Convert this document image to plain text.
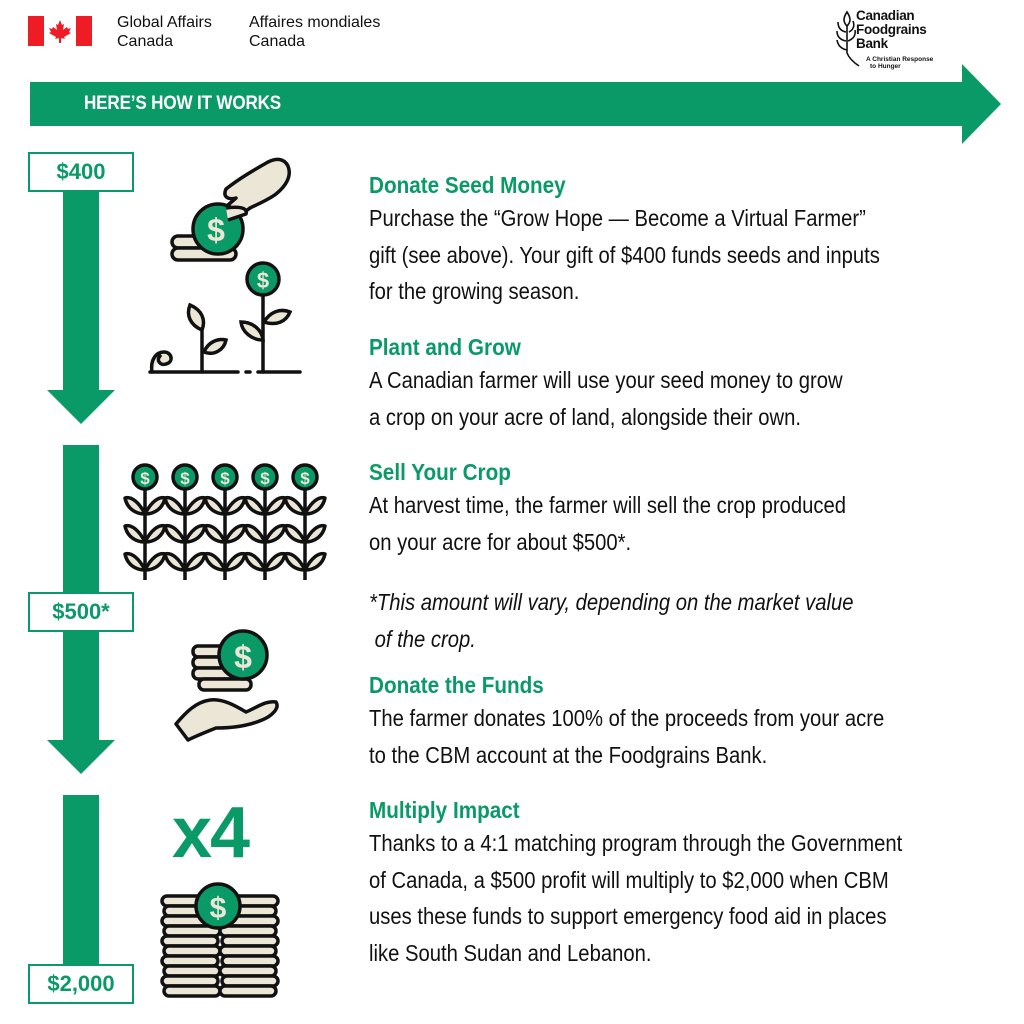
Global Affairs
Canada
Affaires mondiales
Canada
Canadian
Foodgrains
Bank
A Christian Response
to Hunger
HERE’S HOW IT WORKS
$
$
$ $ $ $ $
$
$
$400
$500*
$2,000
x4
Donate Seed Money

Purchase the “Grow Hope — Become a Virtual Farmer”
gift (see above). Your gift of $400 funds seeds and inputs
for the growing season.

Plant and Grow

A Canadian farmer will use your seed money to grow
a crop on your acre of land, alongside their own.

Sell Your Crop

At harvest time, the farmer will sell the crop produced
on your acre for about $500*.

*This amount will vary, depending on the market value
of the crop.
Donate the Funds

The farmer donates 100% of the proceeds from your acre
to the CBM account at the Foodgrains Bank.

Multiply Impact

Thanks to a 4:1 matching program through the Government
of Canada, a $500 profit will multiply to $2,000 when CBM
uses these funds to support emergency food aid in places
like South Sudan and Lebanon.
